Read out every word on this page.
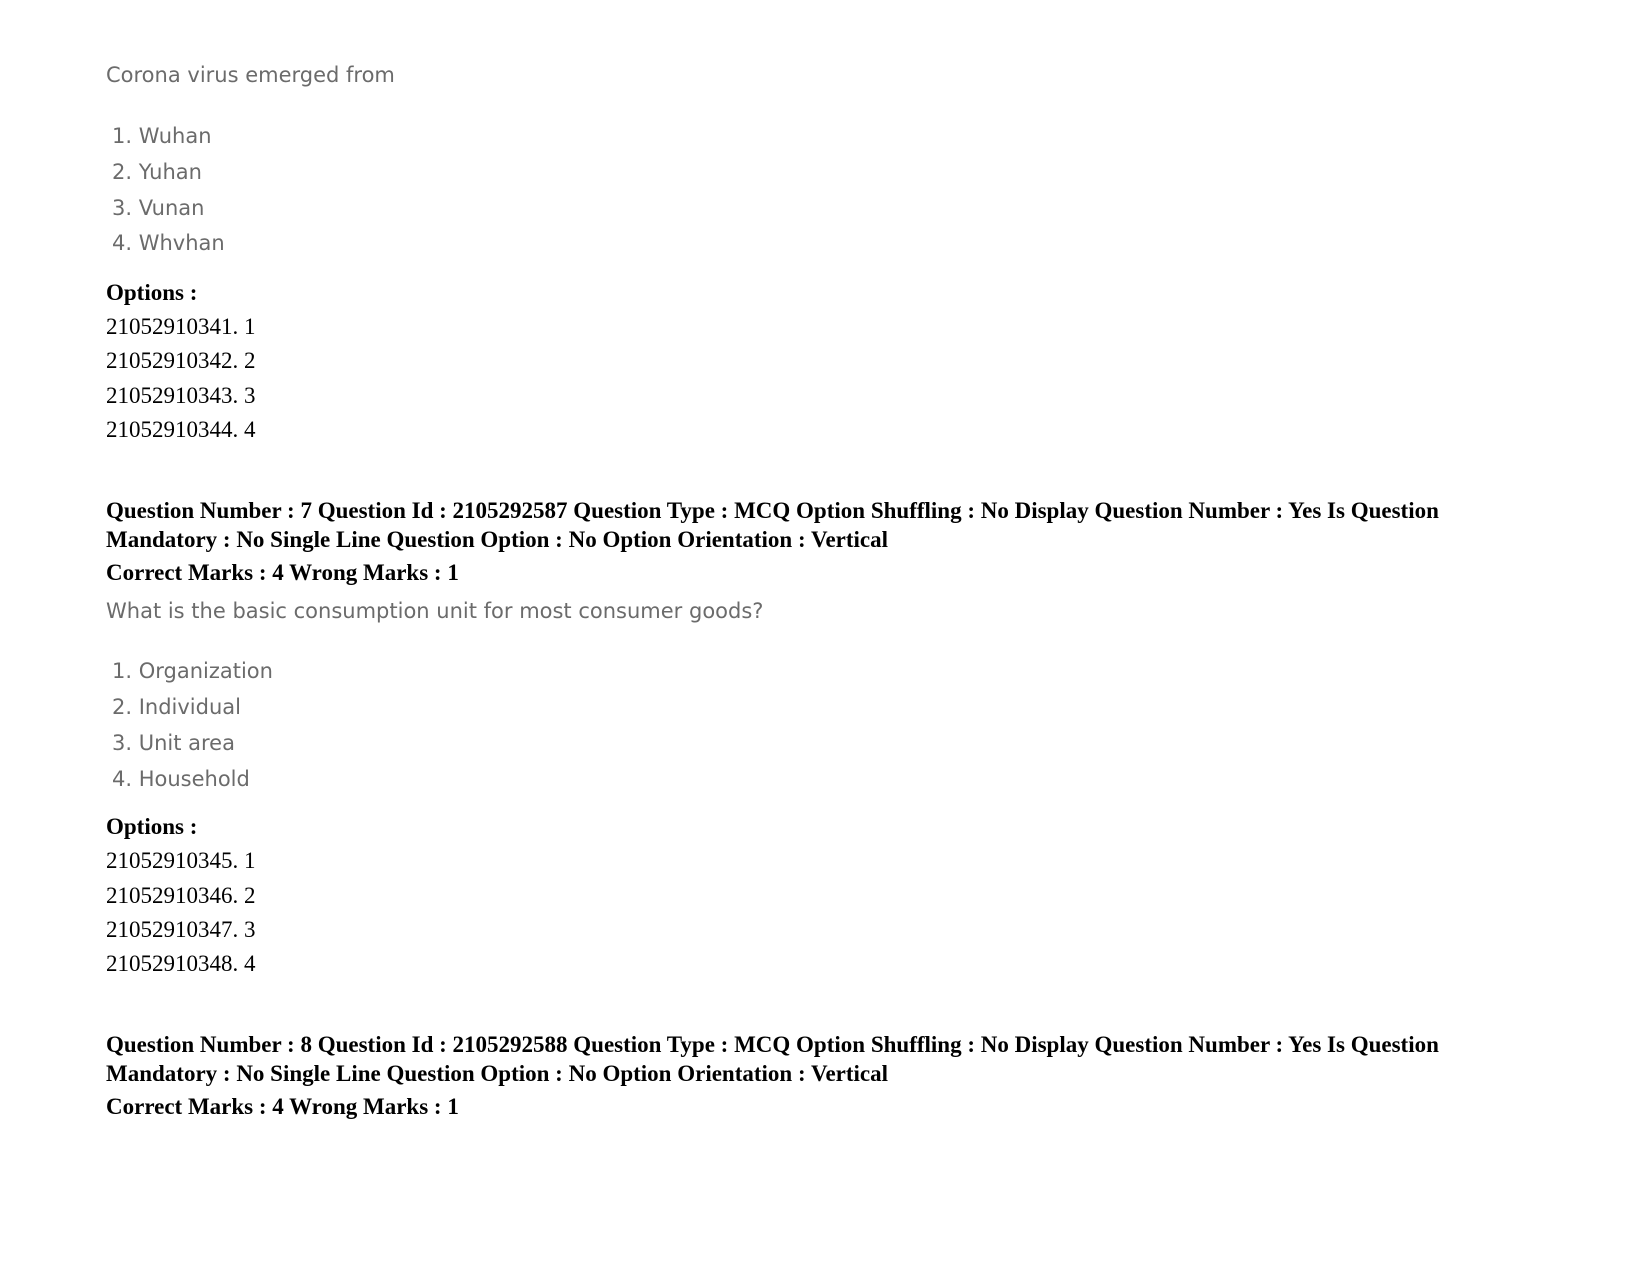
Corona virus emerged from
1. Wuhan
2. Yuhan
3. Vunan
4. Whvhan
Options :
21052910341. 1
21052910342. 2
21052910343. 3
21052910344. 4
Question Number : 7 Question Id : 2105292587 Question Type : MCQ Option Shuffling : No Display Question Number : Yes Is Question
Mandatory : No Single Line Question Option : No Option Orientation : Vertical
Correct Marks : 4 Wrong Marks : 1
What is the basic consumption unit for most consumer goods?
1. Organization
2. Individual
3. Unit area
4. Household
Options :
21052910345. 1
21052910346. 2
21052910347. 3
21052910348. 4
Question Number : 8 Question Id : 2105292588 Question Type : MCQ Option Shuffling : No Display Question Number : Yes Is Question
Mandatory : No Single Line Question Option : No Option Orientation : Vertical
Correct Marks : 4 Wrong Marks : 1
